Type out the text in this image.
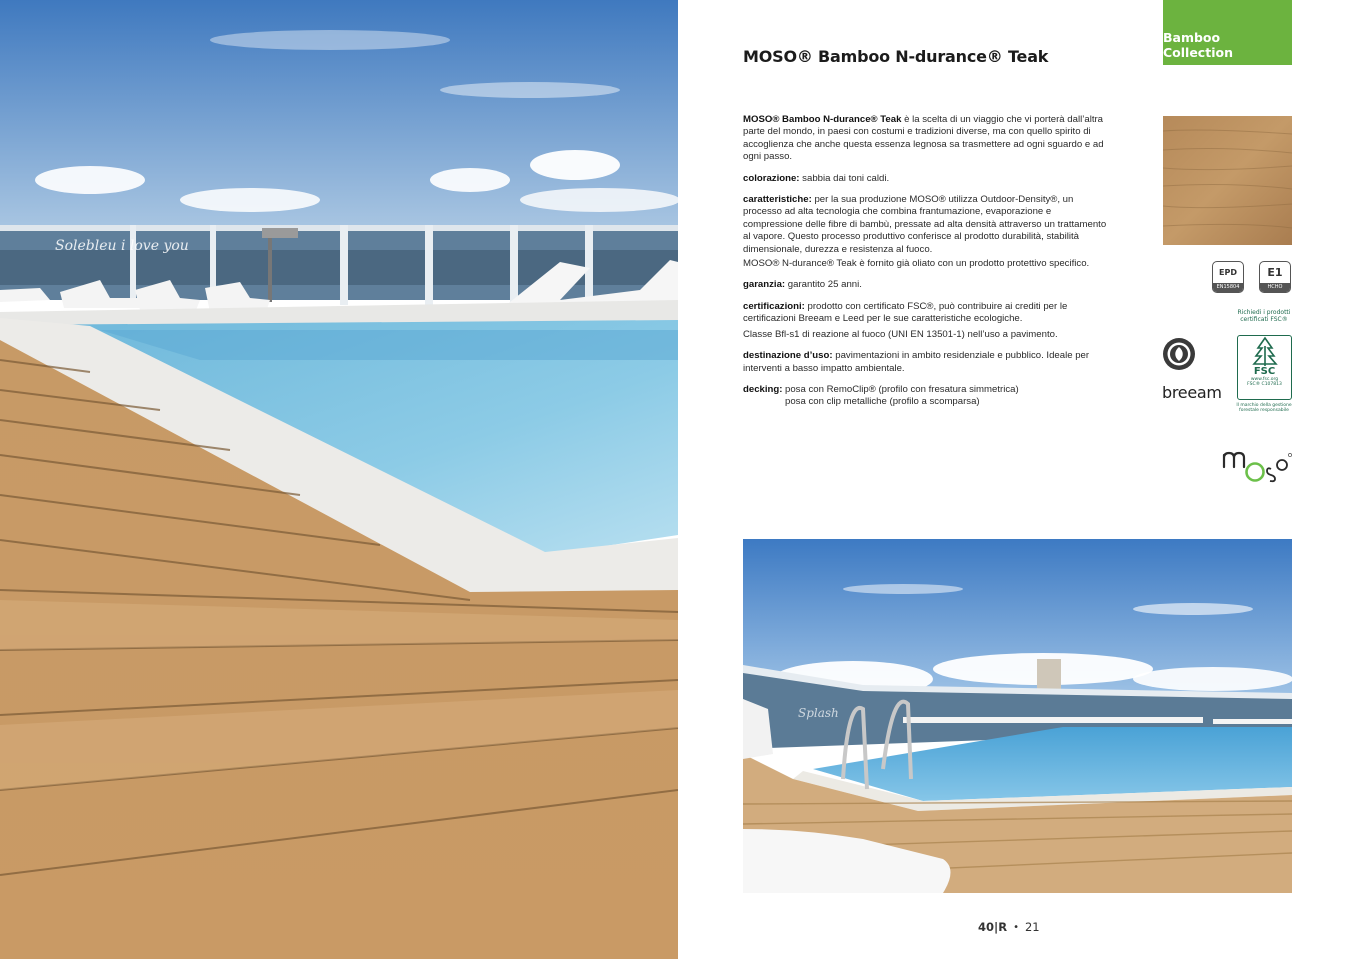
Solebleu i love you
Bamboo Collection
MOSO® Bamboo N-durance® Teak

MOSO® Bamboo N-durance® Teak è la scelta di un viaggio che vi porterà dall’altra parte del mondo, in paesi con costumi e tradizioni diverse, ma con quello spirito di accoglienza che anche questa essenza legnosa sa trasmettere ad ogni sguardo e ad ogni passo.

colorazione: sabbia dai toni caldi.

caratteristiche: per la sua produzione MOSO® utilizza Outdoor-Density®, un processo ad alta tecnologia che combina frantumazione, evaporazione e compressione delle fibre di bambù, pressate ad alta densità attraverso un trattamento al vapore. Questo processo produttivo conferisce al prodotto durabilità, stabilità dimensionale, durezza e resistenza al fuoco.

MOSO® N-durance® Teak è fornito già oliato con un prodotto protettivo specifico.

garanzia: garantito 25 anni.

certificazioni: prodotto con certificato FSC®, può contribuire ai crediti per le certificazioni Breeam e Leed per le sue caratteristiche ecologiche.

Classe Bfl-s1 di reazione al fuoco (UNI EN 13501-1) nell’uso a pavimento.

destinazione d’uso: pavimentazioni in ambito residenziale e pubblico. Ideale per interventi a basso impatto ambientale.

decking: posa con RemoClip® (profilo con fresatura simmetrica)
posa con clip metalliche (profilo a scomparsa)
EPD
EN15804
E1
HCHO
Richiedi i prodotti certificati FSC®
FSC
www.fsc.org
FSC® C107813
Il marchio della gestione forestale responsabile
breeam
Splash
40|R • 21
